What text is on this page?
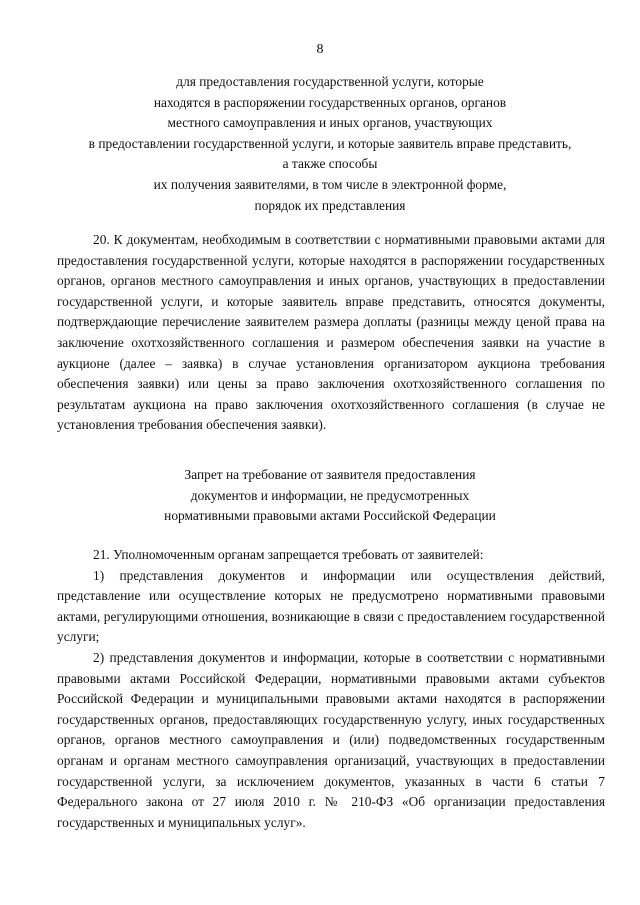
8
для предоставления государственной услуги, которые
находятся в распоряжении государственных органов, органов
местного самоуправления и иных органов, участвующих
в предоставлении государственной услуги, и которые заявитель вправе представить,
а также способы
их получения заявителями, в том числе в электронной форме,
порядок их представления

20. К документам, необходимым в соответствии с нормативными правовыми актами для предоставления государственной услуги, которые находятся в распоряжении государственных органов, органов местного самоуправления и иных органов, участвующих в предоставлении государственной услуги, и которые заявитель вправе представить, относятся документы, подтверждающие перечисление заявителем размера доплаты (разницы между ценой права на заключение охотхозяйственного соглашения и размером обеспечения заявки на участие в аукционе (далее – заявка) в случае установления организатором аукциона требования обеспечения заявки) или цены за право заключения охотхозяйственного соглашения по результатам аукциона на право заключения охотхозяйственного соглашения (в случае не установления требования обеспечения заявки).

Запрет на требование от заявителя предоставления
документов и информации, не предусмотренных
нормативными правовыми актами Российской Федерации

21. Уполномоченным органам запрещается требовать от заявителей:

1) представления документов и информации или осуществления действий, представление или осуществление которых не предусмотрено нормативными правовыми актами, регулирующими отношения, возникающие в связи с предоставлением государственной услуги;

2) представления документов и информации, которые в соответствии с нормативными правовыми актами Российской Федерации, нормативными правовыми актами субъектов Российской Федерации и муниципальными правовыми актами находятся в распоряжении государственных органов, предоставляющих государственную услугу, иных государственных органов, органов местного самоуправления и (или) подведомственных государственным органам и органам местного самоуправления организаций, участвующих в предоставлении государственной услуги, за исключением документов, указанных в части 6 статьи 7 Федерального закона от 27 июля 2010 г. № 210-ФЗ «Об организации предоставления государственных и муниципальных услуг».
